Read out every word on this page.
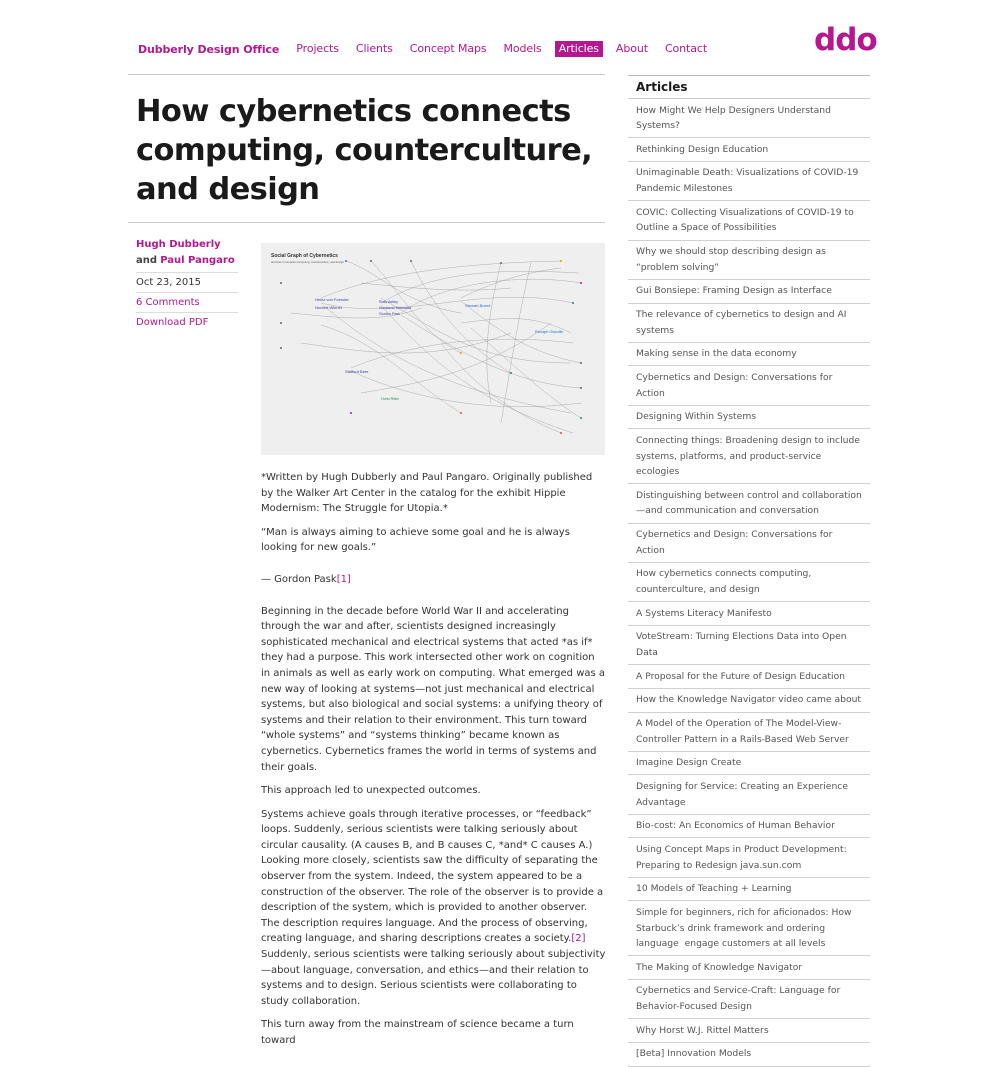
Dubberly Design Office Projects Clients Concept Maps Models	Articles	About Contact	ddo
How cybernetics connects computing, counterculture, and design
Hugh Dubberly and Paul Pangaro
Oct 23, 2015
6 Comments
Download PDF
Social Graph of Cybernetics
and how it connects computing, counterculture, and design
Heinz von Foerster
Norbert Wiener
Ross Ashby
Humberto Maturana
Gordon Pask
Stewart Brand
Ranulph Glanville
Stafford Beer
Horst Rittel

*Written by Hugh Dubberly and Paul Pangaro. Originally published by the Walker Art Center in the catalog for the exhibit Hippie Modernism: The Struggle for Utopia.*

“Man is always aiming to achieve some goal and he is always looking for new goals.”

— Gordon Pask[1]

Beginning in the decade before World War II and accelerating through the war and after, scientists designed increasingly sophisticated mechanical and electrical systems that acted *as if* they had a purpose. This work intersected other work on cognition in animals as well as early work on computing. What emerged was a new way of looking at systems—not just mechanical and electrical systems, but also biological and social systems: a unifying theory of systems and their relation to their environment. This turn toward “whole systems” and “systems thinking” became known as cybernetics. Cybernetics frames the world in terms of systems and their goals.

This approach led to unexpected outcomes.

Systems achieve goals through iterative processes, or “feedback” loops. Suddenly, serious scientists were talking seriously about circular causality. (A causes B, and B causes C, *and* C causes A.) Looking more closely, scientists saw the difficulty of separating the observer from the system. Indeed, the system appeared to be a construction of the observer. The role of the observer is to provide a description of the system, which is provided to another observer. The description requires language. And the process of observing, creating language, and sharing descriptions creates a society.[2] Suddenly, serious scientists were talking seriously about subjectivity—about language, conversation, and ethics—and their relation to systems and to design. Serious scientists were collaborating to study collaboration.

This turn away from the mainstream of science became a turn toward

Articles
How Might We Help Designers Understand Systems?
Rethinking Design Education
Unimaginable Death: Visualizations of COVID-19 Pandemic Milestones
COVIC: Collecting Visualizations of COVID-19 to Outline a Space of Possibilities
Why we should stop describing design as “problem solving”
Gui Bonsiepe: Framing Design as Interface
The relevance of cybernetics to design and AI systems
Making sense in the data economy
Cybernetics and Design: Conversations for Action
Designing Within Systems
Connecting things: Broadening design to include systems, platforms, and product-service ecologies
Distinguishing between control and collaboration—and communication and conversation
Cybernetics and Design: Conversations for Action
How cybernetics connects computing, counterculture, and design
A Systems Literacy Manifesto
VoteStream: Turning Elections Data into Open Data
A Proposal for the Future of Design Education
How the Knowledge Navigator video came about
A Model of the Operation of The Model-View-Controller Pattern in a Rails-Based Web Server
Imagine Design Create
Designing for Service: Creating an Experience Advantage
Bio-cost: An Economics of Human Behavior
Using Concept Maps in Product Development: Preparing to Redesign java.sun.com
10 Models of Teaching + Learning
Simple for beginners, rich for aficionados: How Starbuck’s drink framework and ordering language  engage customers at all levels
The Making of Knowledge Navigator
Cybernetics and Service-Craft: Language for Behavior-Focused Design
Why Horst W.J. Rittel Matters
[Beta] Innovation Models
